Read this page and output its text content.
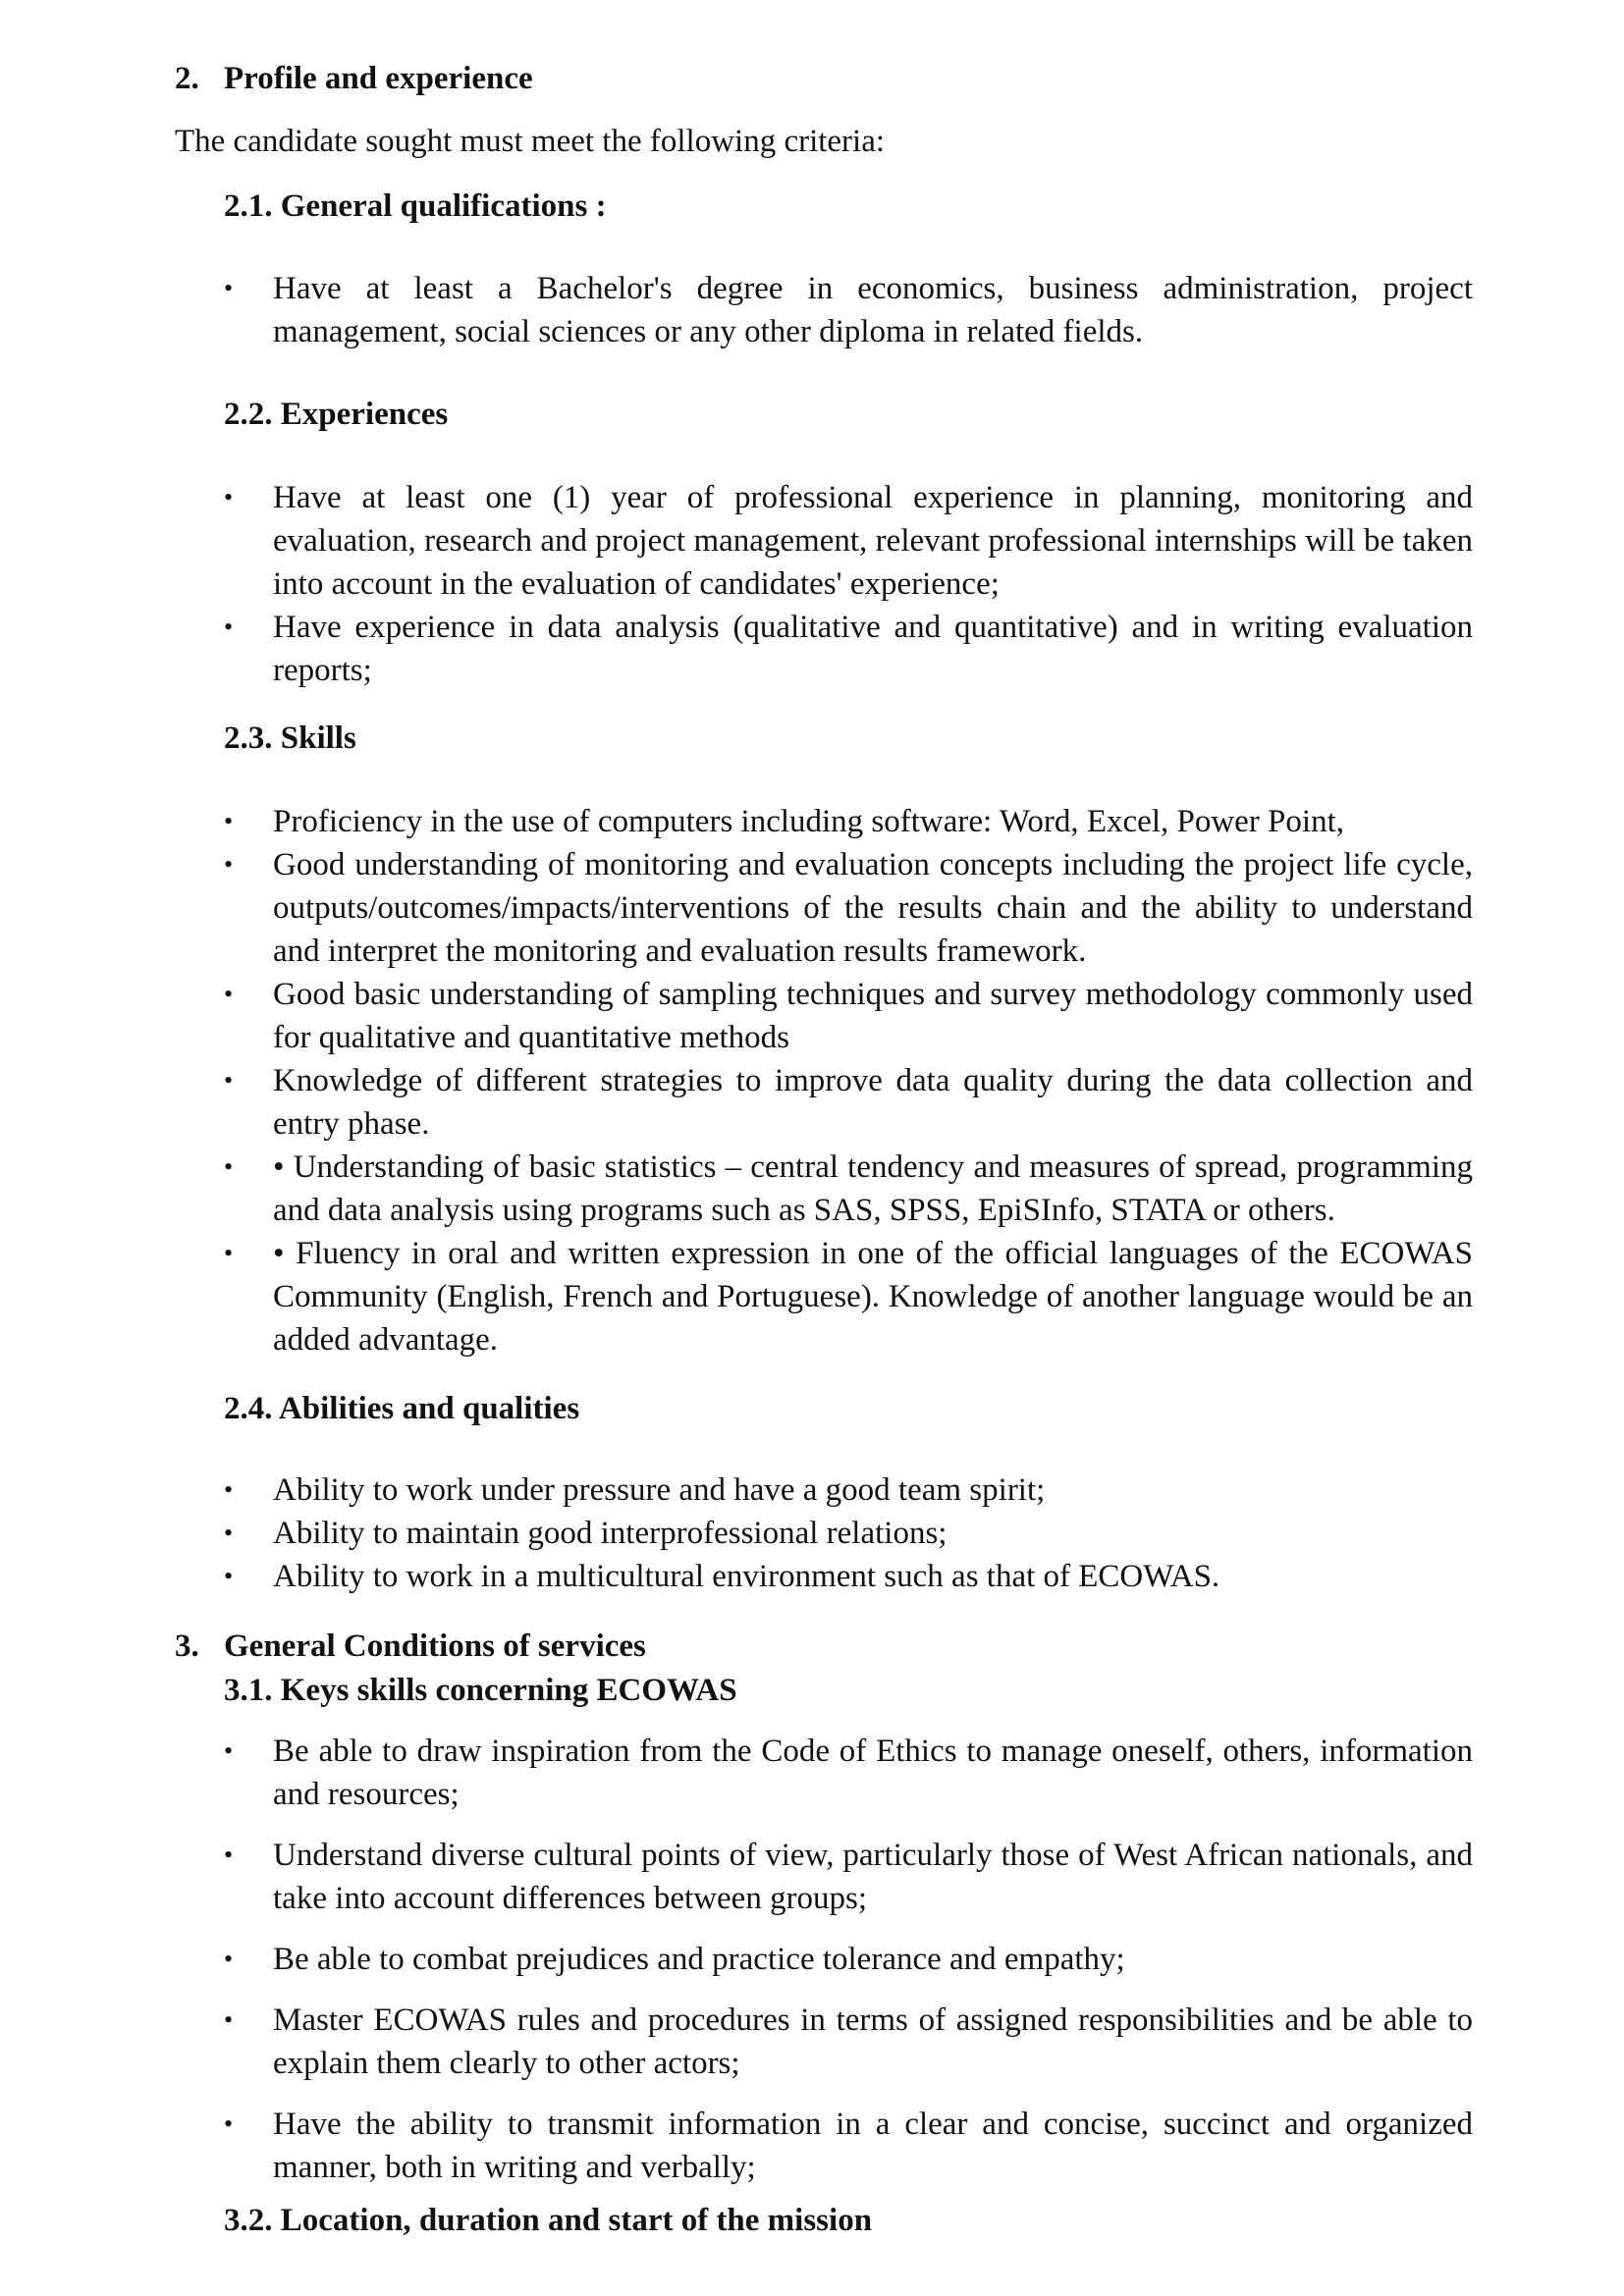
2. Profile and experience

The candidate sought must meet the following criteria:

2.1. General qualifications :
•	Have at least a Bachelor's degree in economics, business administration, project management, social sciences or any other diploma in related fields.
2.2. Experiences
•	Have at least one (1) year of professional experience in planning, monitoring and evaluation, research and project management, relevant professional internships will be taken into account in the evaluation of candidates' experience;
•	Have experience in data analysis (qualitative and quantitative) and in writing evaluation reports;
2.3. Skills
•	Proficiency in the use of computers including software: Word, Excel, Power Point,
•	Good understanding of monitoring and evaluation concepts including the project life cycle, outputs/outcomes/impacts/interventions of the results chain and the ability to understand and interpret the monitoring and evaluation results framework.
•	Good basic understanding of sampling techniques and survey methodology commonly used for qualitative and quantitative methods
•	Knowledge of different strategies to improve data quality during the data collection and entry phase.
•	• Understanding of basic statistics – central tendency and measures of spread, programming and data analysis using programs such as SAS, SPSS, EpiSInfo, STATA or others.
•	• Fluency in oral and written expression in one of the official languages of the ECOWAS Community (English, French and Portuguese). Knowledge of another language would be an added advantage.
2.4. Abilities and qualities
•	Ability to work under pressure and have a good team spirit;
•	Ability to maintain good interprofessional relations;
•	Ability to work in a multicultural environment such as that of ECOWAS.
3. General Conditions of services
3.1. Keys skills concerning ECOWAS
•	Be able to draw inspiration from the Code of Ethics to manage oneself, others, information and resources;
•	Understand diverse cultural points of view, particularly those of West African nationals, and take into account differences between groups;
•	Be able to combat prejudices and practice tolerance and empathy;
•	Master ECOWAS rules and procedures in terms of assigned responsibilities and be able to explain them clearly to other actors;
•	Have the ability to transmit information in a clear and concise, succinct and organized manner, both in writing and verbally;
3.2. Location, duration and start of the mission
